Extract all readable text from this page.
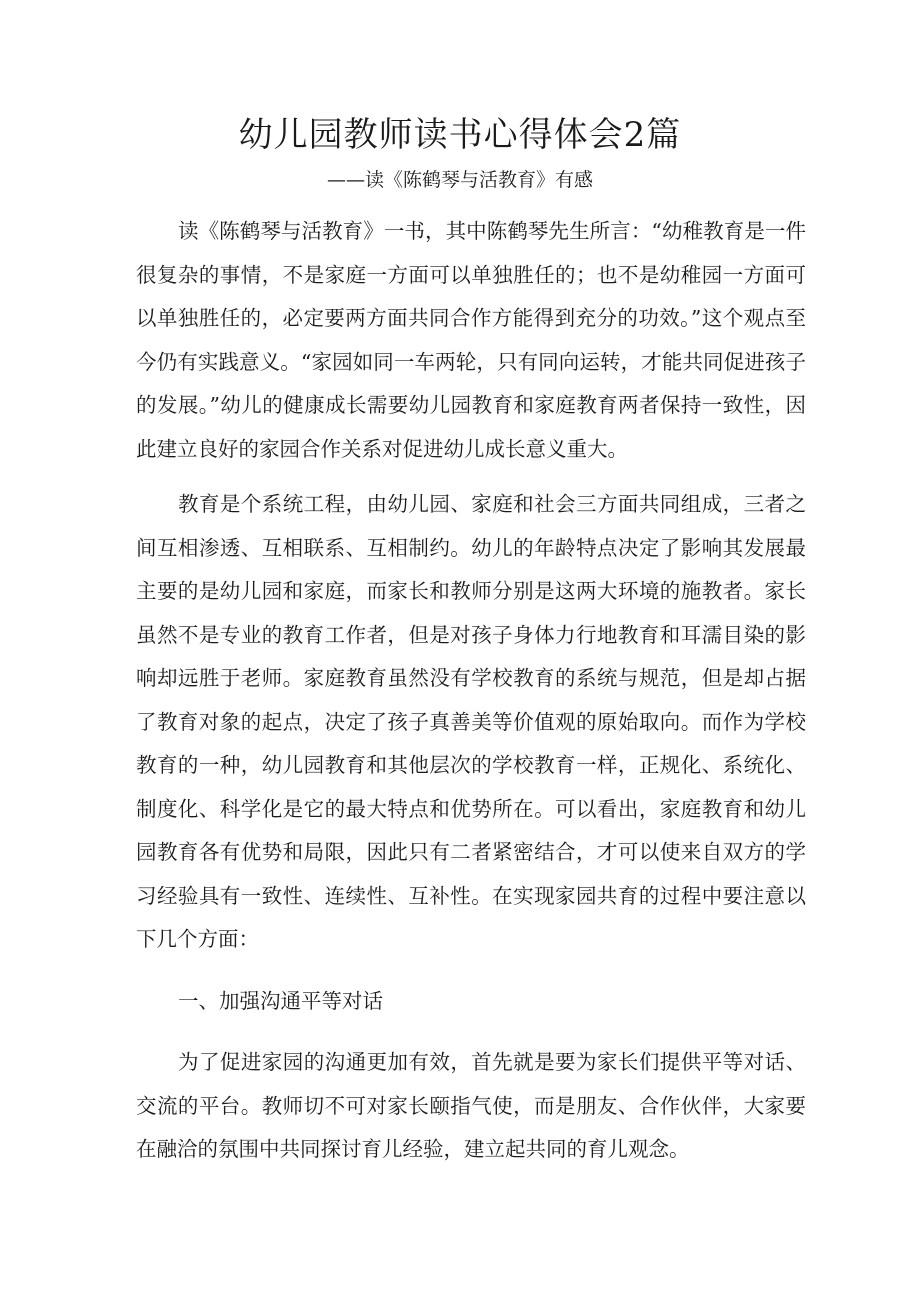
幼儿园教师读书心得体会2篇

——读《陈鹤琴与活教育》有感

读《陈鹤琴与活教育》一书，其中陈鹤琴先生所言：“幼稚教育是一件很复杂的事情，不是家庭一方面可以单独胜任的；也不是幼稚园一方面可以单独胜任的，必定要两方面共同合作方能得到充分的功效。”这个观点至今仍有实践意义。“家园如同一车两轮，只有同向运转，才能共同促进孩子的发展。”幼儿的健康成长需要幼儿园教育和家庭教育两者保持一致性，因此建立良好的家园合作关系对促进幼儿成长意义重大。

教育是个系统工程，由幼儿园、家庭和社会三方面共同组成，三者之间互相渗透、互相联系、互相制约。幼儿的年龄特点决定了影响其发展最主要的是幼儿园和家庭，而家长和教师分别是这两大环境的施教者。家长虽然不是专业的教育工作者，但是对孩子身体力行地教育和耳濡目染的影响却远胜于老师。家庭教育虽然没有学校教育的系统与规范，但是却占据了教育对象的起点，决定了孩子真善美等价值观的原始取向。而作为学校教育的一种，幼儿园教育和其他层次的学校教育一样，正规化、系统化、制度化、科学化是它的最大特点和优势所在。可以看出，家庭教育和幼儿园教育各有优势和局限，因此只有二者紧密结合，才可以使来自双方的学习经验具有一致性、连续性、互补性。在实现家园共育的过程中要注意以下几个方面：

一、加强沟通平等对话

为了促进家园的沟通更加有效，首先就是要为家长们提供平等对话、交流的平台。教师切不可对家长颐指气使，而是朋友、合作伙伴，大家要在融洽的氛围中共同探讨育儿经验，建立起共同的育儿观念。
